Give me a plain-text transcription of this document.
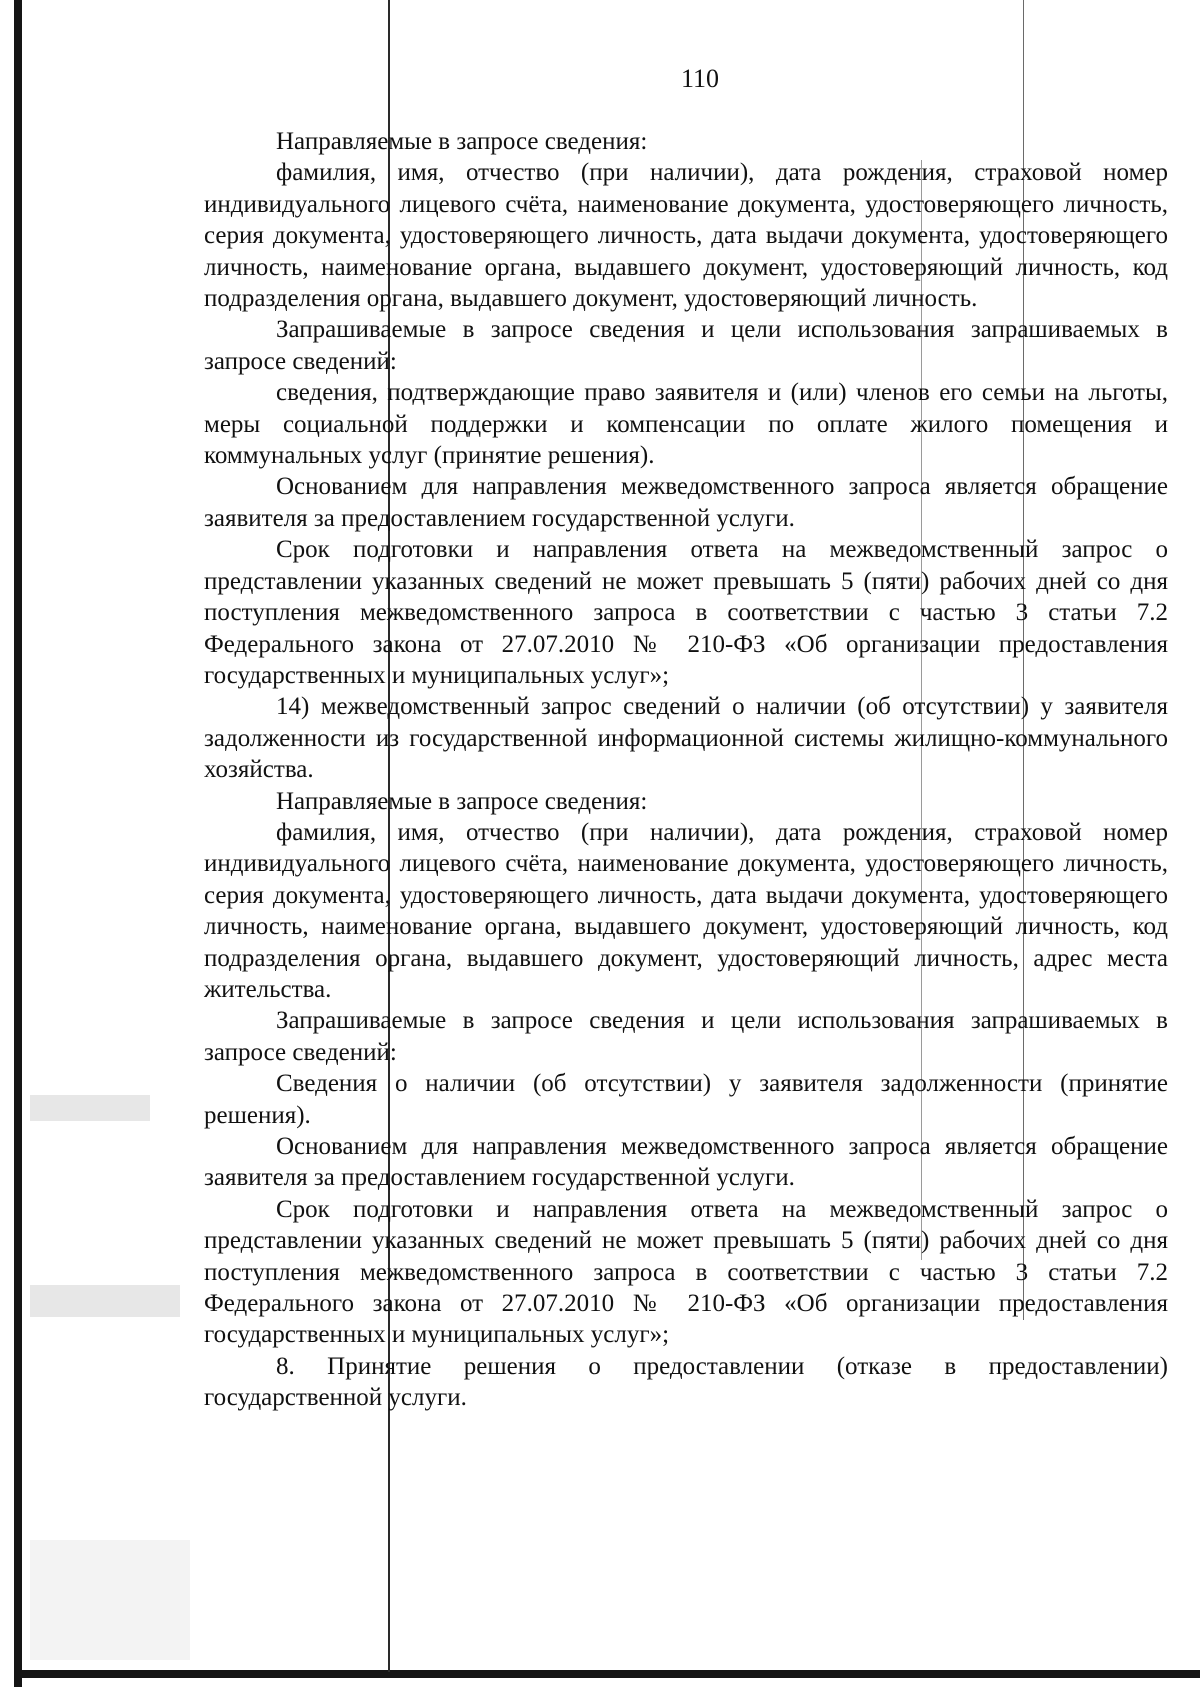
110

Направляемые в запросе сведения:

фамилия, имя, отчество (при наличии), дата рождения, страховой номер индивидуального лицевого счёта, наименование документа, удостоверяющего личность, серия документа, удостоверяющего личность, дата выдачи документа, удостоверяющего личность, наименование органа, выдавшего документ, удостоверяющий личность, код подразделения органа, выдавшего документ, удостоверяющий личность.

Запрашиваемые в запросе сведения и цели использования запрашиваемых в запросе сведений:

сведения, подтверждающие право заявителя и (или) членов его семьи на льготы, меры социальной поддержки и компенсации по оплате жилого помещения и коммунальных услуг (принятие решения).

Основанием для направления межведомственного запроса является обращение заявителя за предоставлением государственной услуги.

Срок подготовки и направления ответа на межведомственный запрос о представлении указанных сведений не может превышать 5 (пяти) рабочих дней со дня поступления межведомственного запроса в соответствии с частью 3 статьи 7.2 Федерального закона от 27.07.2010 № 210-ФЗ «Об организации предоставления государственных и муниципальных услуг»;

14) межведомственный запрос сведений о наличии (об отсутствии) у заявителя задолженности из государственной информационной системы жилищно-коммунального хозяйства.

Направляемые в запросе сведения:

фамилия, имя, отчество (при наличии), дата рождения, страховой номер индивидуального лицевого счёта, наименование документа, удостоверяющего личность, серия документа, удостоверяющего личность, дата выдачи документа, удостоверяющего личность, наименование органа, выдавшего документ, удостоверяющий личность, код подразделения органа, выдавшего документ, удостоверяющий личность, адрес места жительства.

Запрашиваемые в запросе сведения и цели использования запрашиваемых в запросе сведений:

Сведения о наличии (об отсутствии) у заявителя задолженности (принятие решения).

Основанием для направления межведомственного запроса является обращение заявителя за предоставлением государственной услуги.

Срок подготовки и направления ответа на межведомственный запрос о представлении указанных сведений не может превышать 5 (пяти) рабочих дней со дня поступления межведомственного запроса в соответствии с частью 3 статьи 7.2 Федерального закона от 27.07.2010 № 210-ФЗ «Об организации предоставления государственных и муниципальных услуг»;

8. Принятие решения о предоставлении (отказе в предоставлении) государственной услуги.
